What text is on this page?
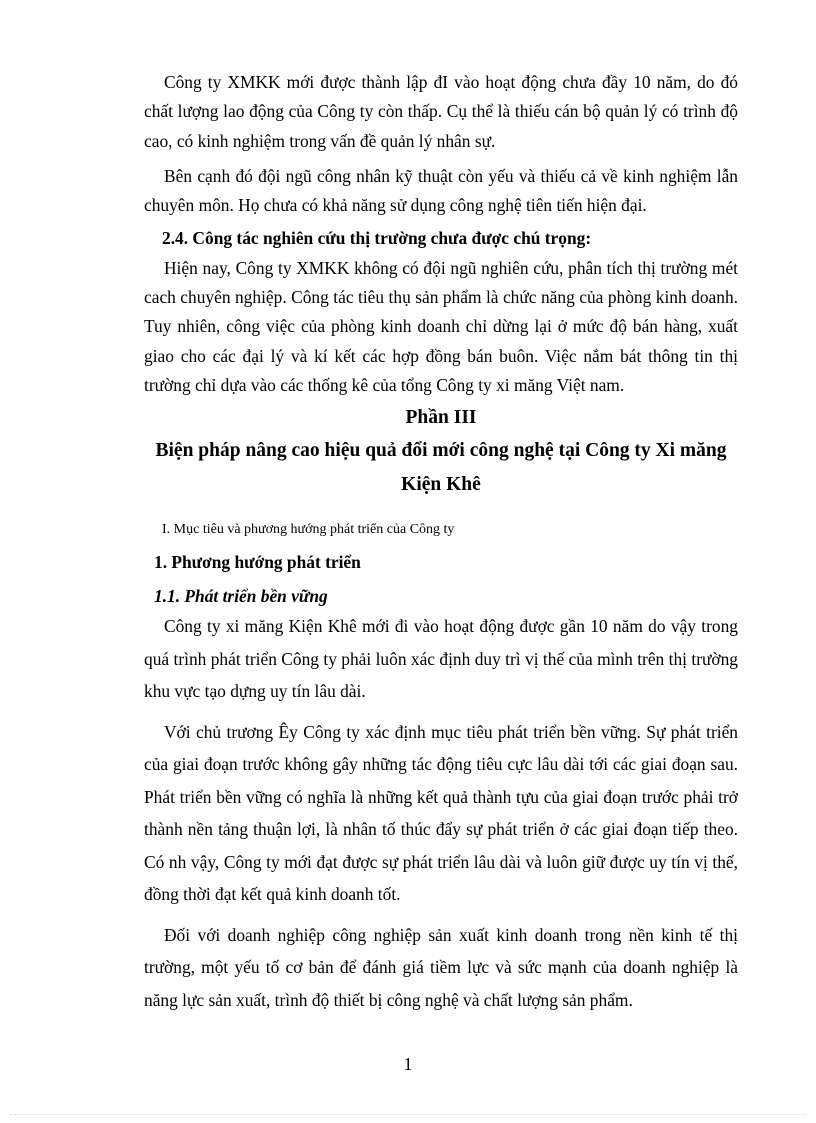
Công ty XMKK mới được thành lập đI vào hoạt động chưa đầy 10 năm, do đó chất lượng lao động của Công ty còn thấp. Cụ thể là thiếu cán bộ quản lý có trình độ cao, có kinh nghiệm trong vấn đề quản lý nhân sự.

Bên cạnh đó đội ngũ công nhân kỹ thuật còn yếu và thiếu cả về kinh nghiệm lẫn chuyên môn. Họ chưa có khả năng sử dụng công nghệ tiên tiến hiện đại.

2.4. Công tác nghiên cứu thị trường chưa được chú trọng:

Hiện nay, Công ty XMKK không có đội ngũ nghiên cứu, phân tích thị trường mét cach chuyên nghiệp. Công tác tiêu thụ sản phẩm là chức năng của phòng kinh doanh. Tuy nhiên, công việc của phòng kinh doanh chỉ dừng lại ở mức độ bán hàng, xuất giao cho các đại lý và kí kết các hợp đồng bán buôn. Việc nắm bát thông tin thị trường chỉ dựa vào các thống kê của tổng Công ty xi măng Việt nam.

Phần III

Biện pháp nâng cao hiệu quả đổi mới công nghệ tại Công ty Xi măng Kiện Khê

I. Mục tiêu và phương hướng phát triển của Công ty

1. Phương hướng phát triển

1.1. Phát triển bền vững

Công ty xi măng Kiện Khê mới đi vào hoạt động được gần 10 năm do vậy trong quá trình phát triển Công ty phải luôn xác định duy trì vị thế của mình trên thị trường khu vực tạo dựng uy tín lâu dài.

Với chủ trương Êy Công ty xác định mục tiêu phát triển bền vững. Sự phát triển của giai đoạn trước không gây những tác động tiêu cực lâu dài tới các giai đoạn sau. Phát triển bền vững có nghĩa là những kết quả thành tựu của giai đoạn trước phải trở thành nền tảng thuận lợi, là nhân tố thúc đẩy sự phát triển ở các giai đoạn tiếp theo. Có nh vậy, Công ty mới đạt được sự phát triển lâu dài và luôn giữ được uy tín vị thế, đồng thời đạt kết quả kinh doanh tốt.

Đối với doanh nghiệp công nghiệp sản xuất kinh doanh trong nền kinh tế thị trường, một yếu tố cơ bản để đánh giá tiềm lực và sức mạnh của doanh nghiệp là năng lực sản xuất, trình độ thiết bị công nghệ và chất lượng sản phẩm.

1
